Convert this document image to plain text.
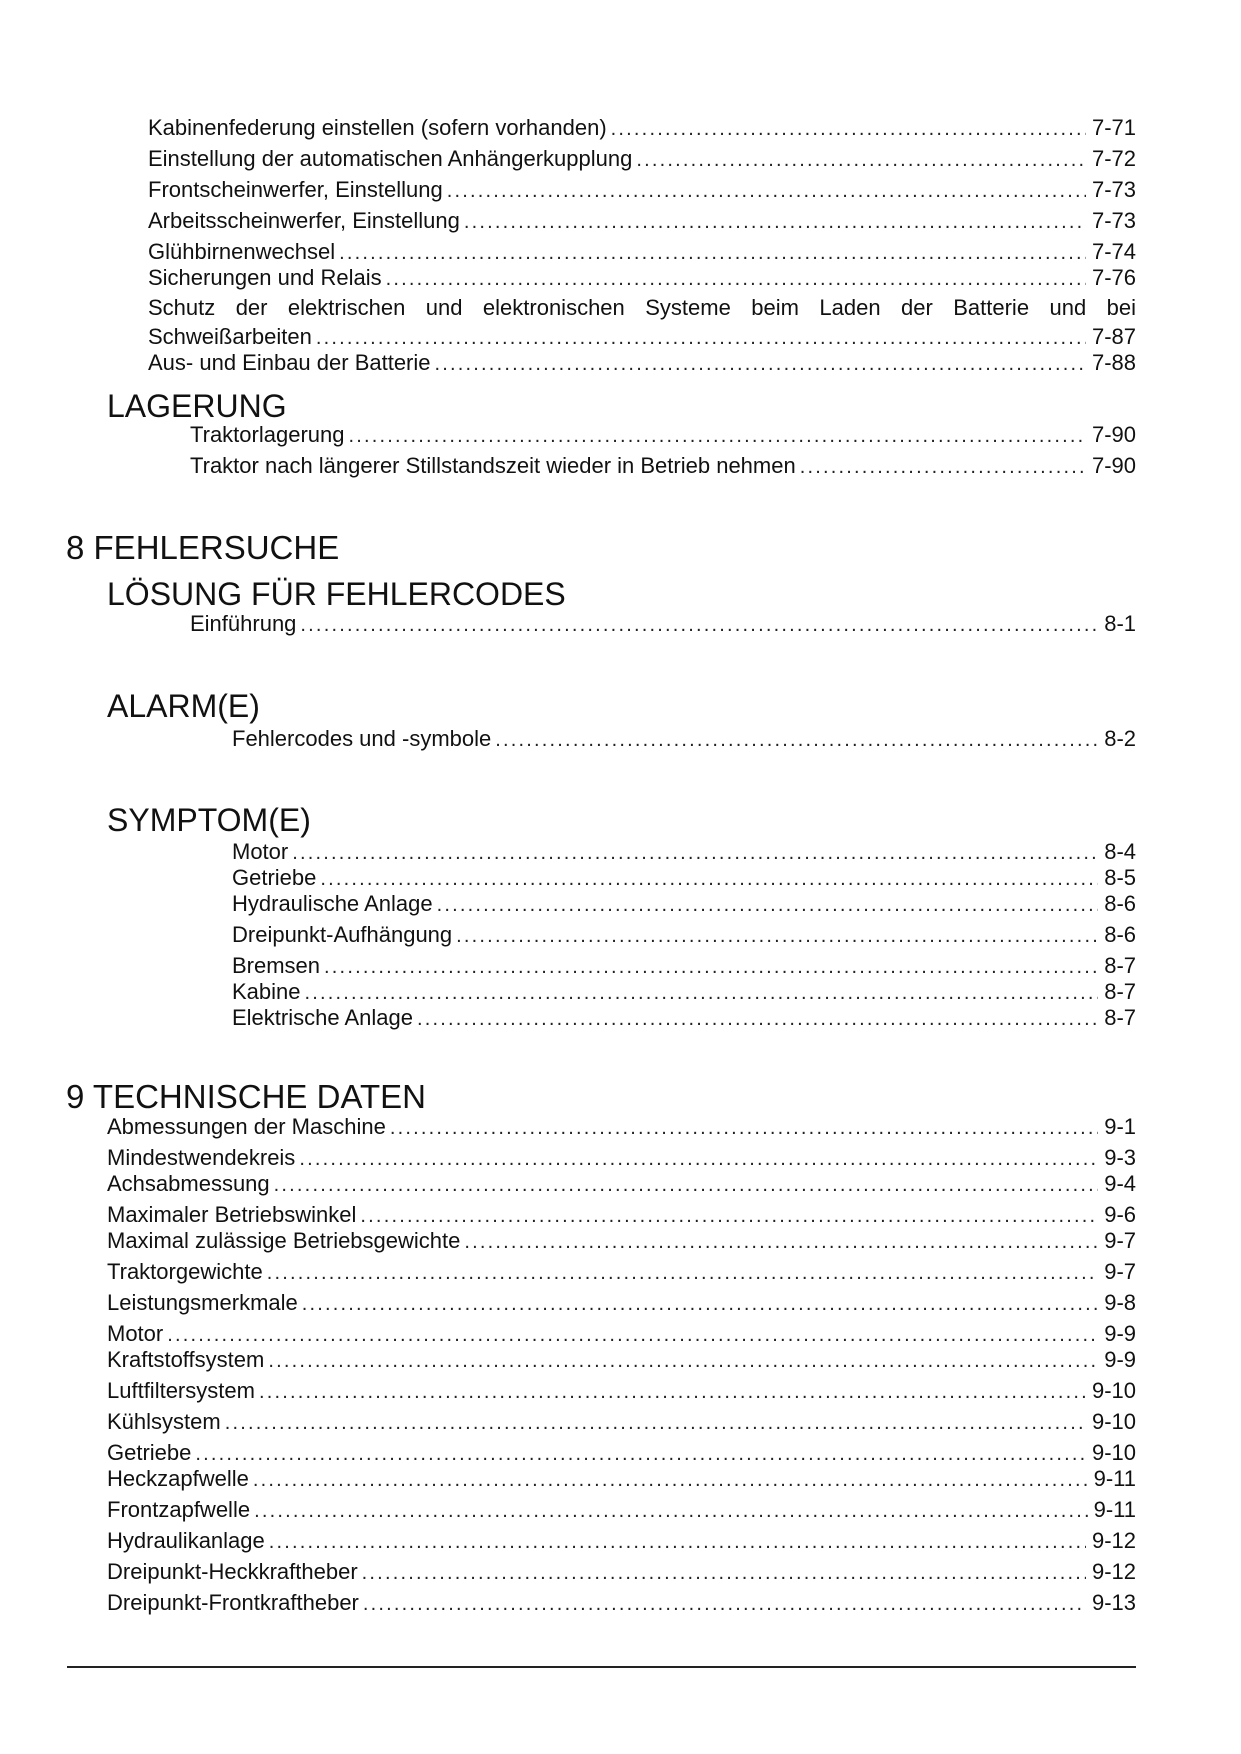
Kabinenfederung einstellen (sofern vorhanden) .....	7-71
Einstellung der automatischen Anhängerkupplung .....	7-72
Frontscheinwerfer, Einstellung .....	7-73
Arbeitsscheinwerfer, Einstellung .....	7-73
Glühbirnenwechsel .....	7-74
Sicherungen und Relais .....	7-76
Schutz der elektrischen und elektronischen Systeme beim Laden der Batterie und bei
Schweißarbeiten .....	7-87
Aus- und Einbau der Batterie .....	7-88
LAGERUNG
Traktorlagerung .....	7-90
Traktor nach längerer Stillstandszeit wieder in Betrieb nehmen .....	7-90
8 FEHLERSUCHE
LÖSUNG FÜR FEHLERCODES
Einführung .....	8-1
ALARM(E)
Fehlercodes und -symbole .....	8-2
SYMPTOM(E)
Motor .....	8-4
Getriebe .....	8-5
Hydraulische Anlage .....	8-6
Dreipunkt-Aufhängung .....	8-6
Bremsen .....	8-7
Kabine .....	8-7
Elektrische Anlage .....	8-7
9 TECHNISCHE DATEN
Abmessungen der Maschine .....	9-1
Mindestwendekreis .....	9-3
Achsabmessung .....	9-4
Maximaler Betriebswinkel .....	9-6
Maximal zulässige Betriebsgewichte .....	9-7
Traktorgewichte .....	9-7
Leistungsmerkmale .....	9-8
Motor .....	9-9
Kraftstoffsystem .....	9-9
Luftfiltersystem .....	9-10
Kühlsystem .....	9-10
Getriebe .....	9-10
Heckzapfwelle .....	9-11
Frontzapfwelle .....	9-11
Hydraulikanlage .....	9-12
Dreipunkt-Heckkraftheber .....	9-12
Dreipunkt-Frontkraftheber .....	9-13
